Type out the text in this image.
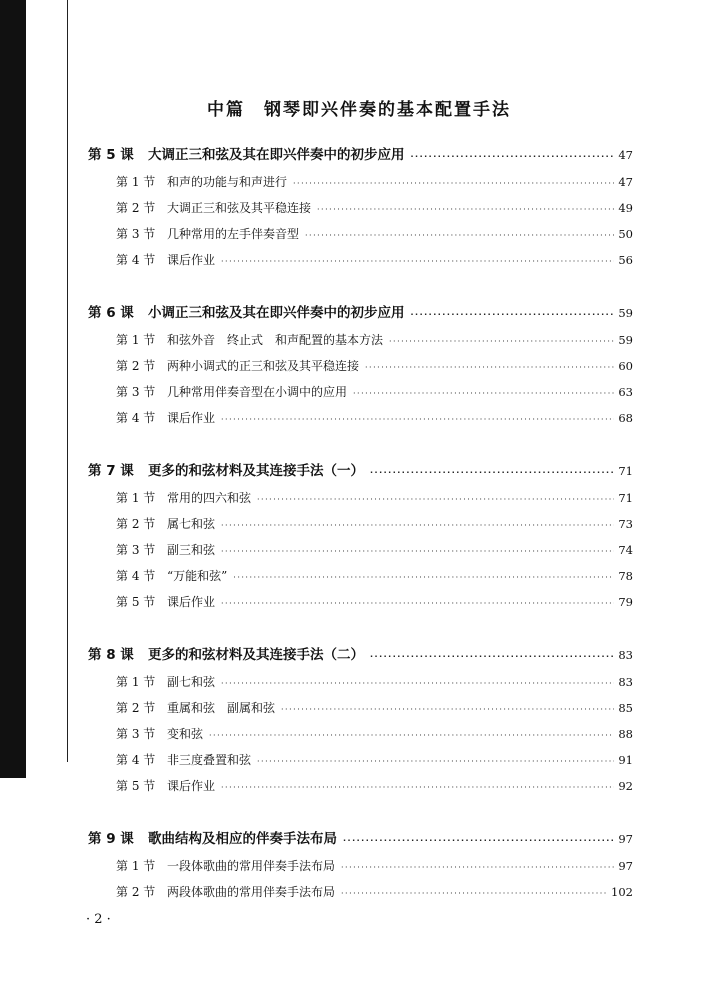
中篇　钢琴即兴伴奏的基本配置手法
第 5 课	大调正三和弦及其在即兴伴奏中的初步应用 ·····	47
第 1 节 和声的功能与和声进行 ·····	47
第 2 节 大调正三和弦及其平稳连接 ·····	49
第 3 节 几种常用的左手伴奏音型 ·····	50
第 4 节 课后作业 ·····	56
第 6 课	小调正三和弦及其在即兴伴奏中的初步应用 ·····	59
第 1 节 和弦外音　终止式　和声配置的基本方法 ·····	59
第 2 节 两种小调式的正三和弦及其平稳连接 ·····	60
第 3 节 几种常用伴奏音型在小调中的应用 ·····	63
第 4 节 课后作业 ·····	68
第 7 课	更多的和弦材料及其连接手法（一） ·····	71
第 1 节 常用的四六和弦 ·····	71
第 2 节 属七和弦 ·····	73
第 3 节 副三和弦 ·····	74
第 4 节 “万能和弦” ·····	78
第 5 节 课后作业 ·····	79
第 8 课	更多的和弦材料及其连接手法（二） ·····	83
第 1 节 副七和弦 ·····	83
第 2 节 重属和弦　副属和弦 ·····	85
第 3 节 变和弦 ·····	88
第 4 节 非三度叠置和弦 ·····	91
第 5 节 课后作业 ·····	92
第 9 课	歌曲结构及相应的伴奏手法布局 ·····	97
第 1 节 一段体歌曲的常用伴奏手法布局 ·····	97
第 2 节 两段体歌曲的常用伴奏手法布局 ·····	102
· 2 ·
